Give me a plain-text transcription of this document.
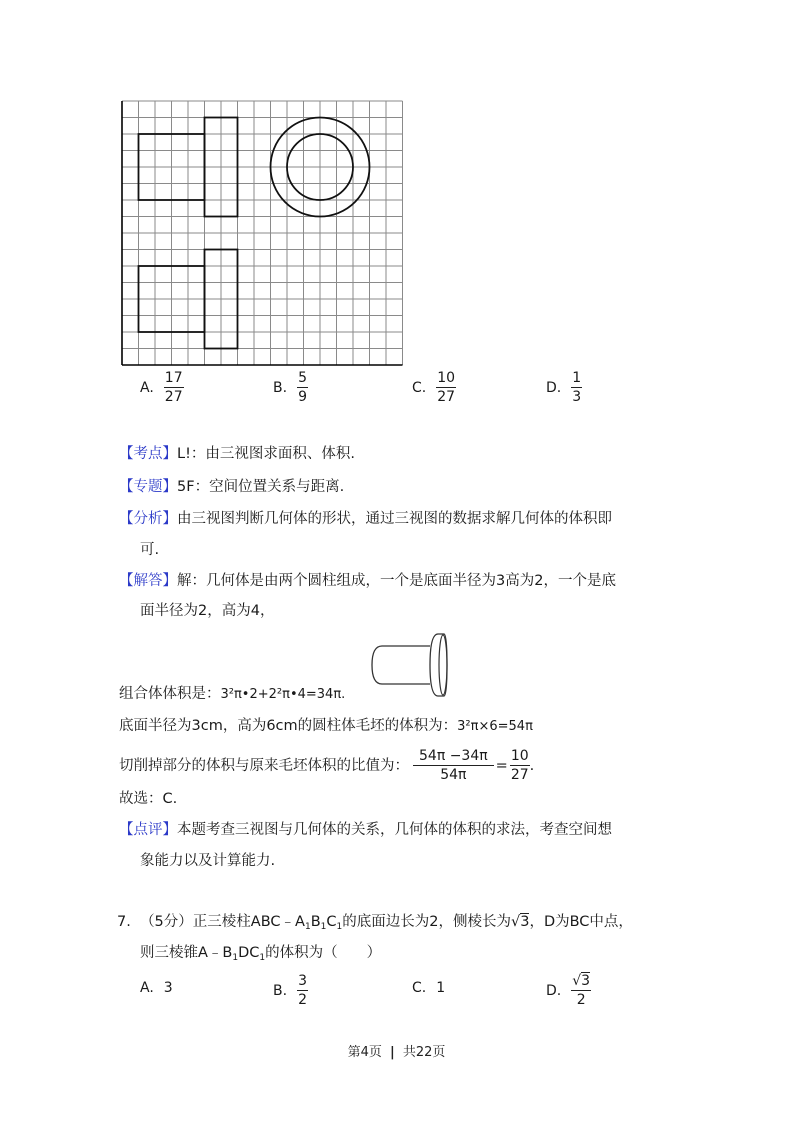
A. $\frac{17}{27}$	B. $\frac{5}{9}$	C. $\frac{10}{27}$	D. $\frac{1}{3}$
【考点】L!：由三视图求面积、体积.
【专题】5F：空间位置关系与距离.
【分析】由三视图判断几何体的形状，通过三视图的数据求解几何体的体积即
可.
【解答】解：几何体是由两个圆柱组成，一个是底面半径为3高为2，一个是底
面半径为2，高为4，
组合体体积是：3²π•2+2²π•4=34π.
底面半径为3cm，高为6cm的圆柱体毛坯的体积为：3²π×6=54π
切削掉部分的体积与原来毛坯体积的比值为： $\frac{54\pi -34\pi}{54\pi} = \frac{10}{27}$ .
故选：C.
【点评】本题考查三视图与几何体的关系，几何体的体积的求法，考查空间想
象能力以及计算能力.
7. （5分）正三棱柱$ABC﹣A_1B_1C_1$的底面边长为2，侧棱长为√3，D为BC中点，
则三棱锥$A﹣B_1DC_1$的体积为（　　）
A. 3	B. $\frac{3}{2}$	C. 1	D. $\frac{√3}{2}$
第4页 | 共22页
